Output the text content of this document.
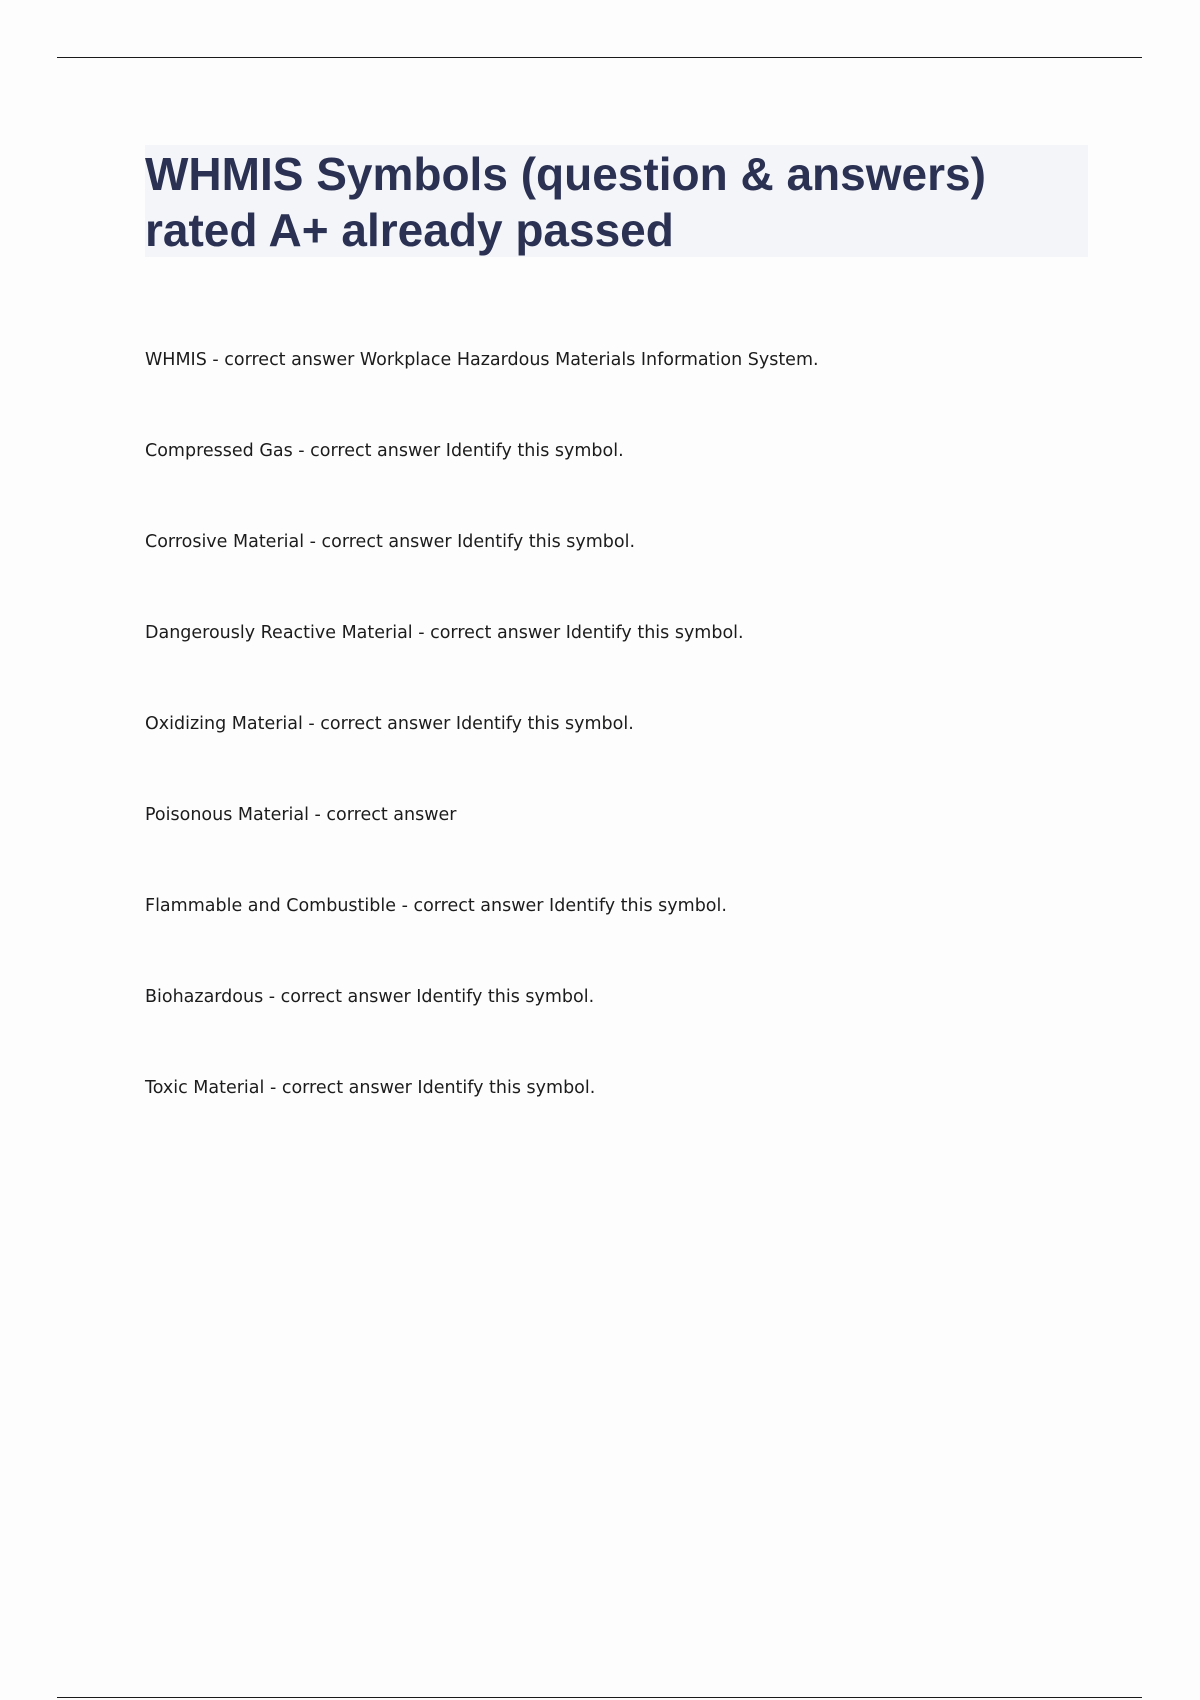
WHMIS Symbols (question & answers) rated A+ already passed
WHMIS - correct answer Workplace Hazardous Materials Information System.
Compressed Gas - correct answer Identify this symbol.
Corrosive Material - correct answer Identify this symbol.
Dangerously Reactive Material - correct answer Identify this symbol.
Oxidizing Material - correct answer Identify this symbol.
Poisonous Material - correct answer
Flammable and Combustible - correct answer Identify this symbol.
Biohazardous - correct answer Identify this symbol.
Toxic Material - correct answer Identify this symbol.
